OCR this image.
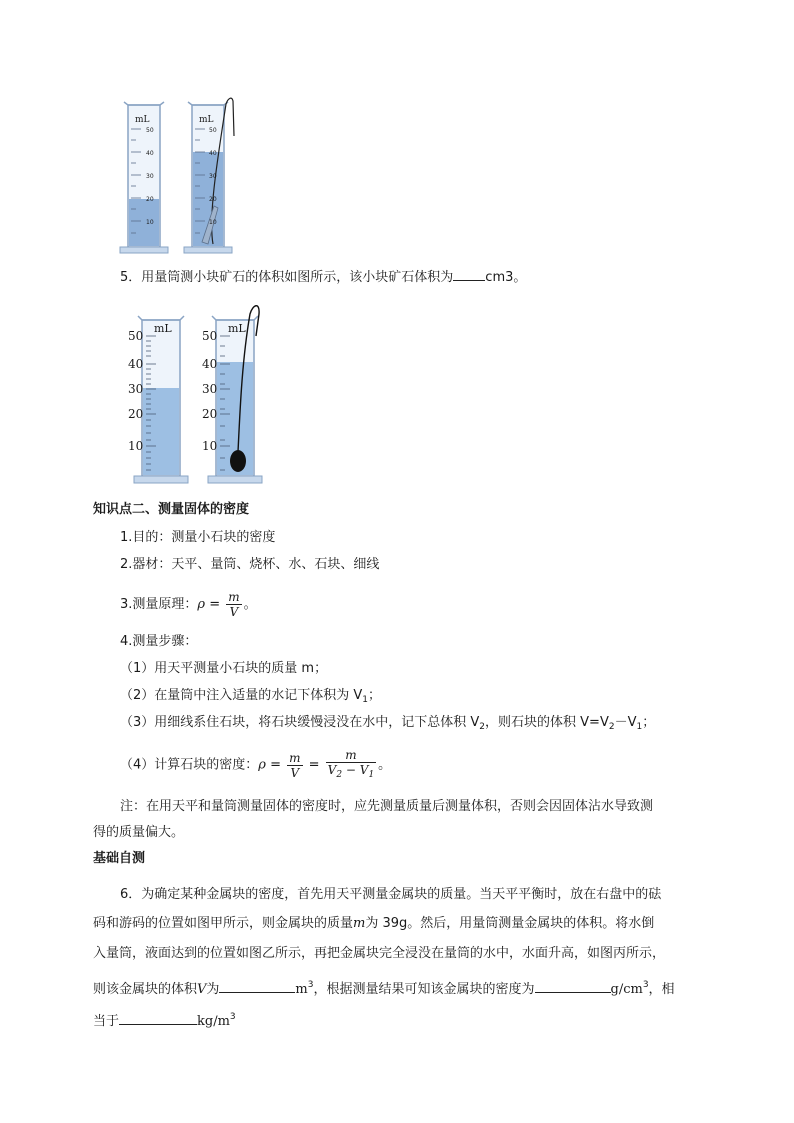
mL
50
40
30
20
10
mL
50
40
30
20
10
5．用量筒测小块矿石的体积如图所示，该小块矿石体积为 cm3。
mL
50
40
30
20
10
mL
50
40
30
20
10
知识点二、测量固体的密度
1.目的：测量小石块的密度
2.器材：天平、量筒、烧杯、水、石块、细线
3.测量原理：$\rho = \frac{m}{V}$ 。
4.测量步骤：
（1）用天平测量小石块的质量 m；
（2）在量筒中注入适量的水记下体积为 $V_1$；
（3）用细线系住石块，将石块缓慢浸没在水中，记下总体积 $V_2$，则石块的体积 $V=V_2-V_1$；
（4）计算石块的密度：$\rho = \frac{m}{V} = \frac{m}{V_2 - V_1}$ 。
注：在用天平和量筒测量固体的密度时，应先测量质量后测量体积，否则会因固体沾水导致测
得的质量偏大。
基础自测
6．为确定某种金属块的密度，首先用天平测量金属块的质量。当天平平衡时，放在右盘中的砝
码和游码的位置如图甲所示，则金属块的质量m为 39g。然后，用量筒测量金属块的体积。将水倒
入量筒，液面达到的位置如图乙所示，再把金属块完全浸没在量筒的水中，水面升高，如图丙所示，
则该金属块的体积V为	$m^3$，根据测量结果可知该金属块的密度为	$g/cm^3$，相
当于	$kg/m^3$
